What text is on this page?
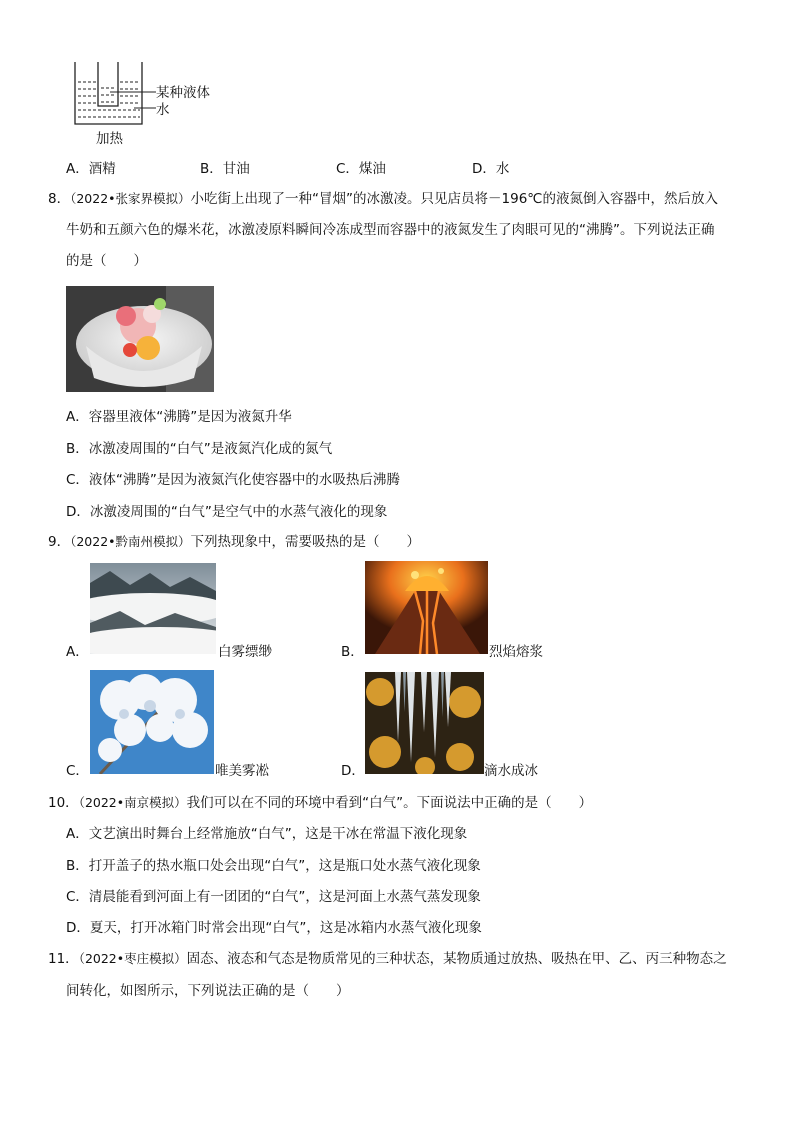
某种液体
水
加热
A．酒精	B．甘油	C．煤油	D．水
8．（2022•张家界模拟）小吃街上出现了一种“冒烟”的冰激凌。只见店员将－196℃的液氮倒入容器中，然后放入
牛奶和五颜六色的爆米花，冰激凌原料瞬间冷冻成型而容器中的液氮发生了肉眼可见的“沸腾”。下列说法正确
的是（　　）
A．容器里液体“沸腾”是因为液氮升华
B．冰激凌周围的“白气”是液氮汽化成的氮气
C．液体“沸腾”是因为液氮汽化使容器中的水吸热后沸腾
D．冰激凌周围的“白气”是空气中的水蒸气液化的现象
9．（2022•黔南州模拟）下列热现象中，需要吸热的是（　　）
A．	白雾缥缈	B．	烈焰熔浆
C．	唯美雾凇	D．	滴水成冰
10．（2022•南京模拟）我们可以在不同的环境中看到“白气”。下面说法中正确的是（　　）
A．文艺演出时舞台上经常施放“白气”，这是干冰在常温下液化现象
B．打开盖子的热水瓶口处会出现“白气”，这是瓶口处水蒸气液化现象
C．清晨能看到河面上有一团团的“白气”，这是河面上水蒸气蒸发现象
D．夏天，打开冰箱门时常会出现“白气”，这是冰箱内水蒸气液化现象
11．（2022•枣庄模拟）固态、液态和气态是物质常见的三种状态，某物质通过放热、吸热在甲、乙、丙三种物态之
间转化，如图所示，下列说法正确的是（　　）
